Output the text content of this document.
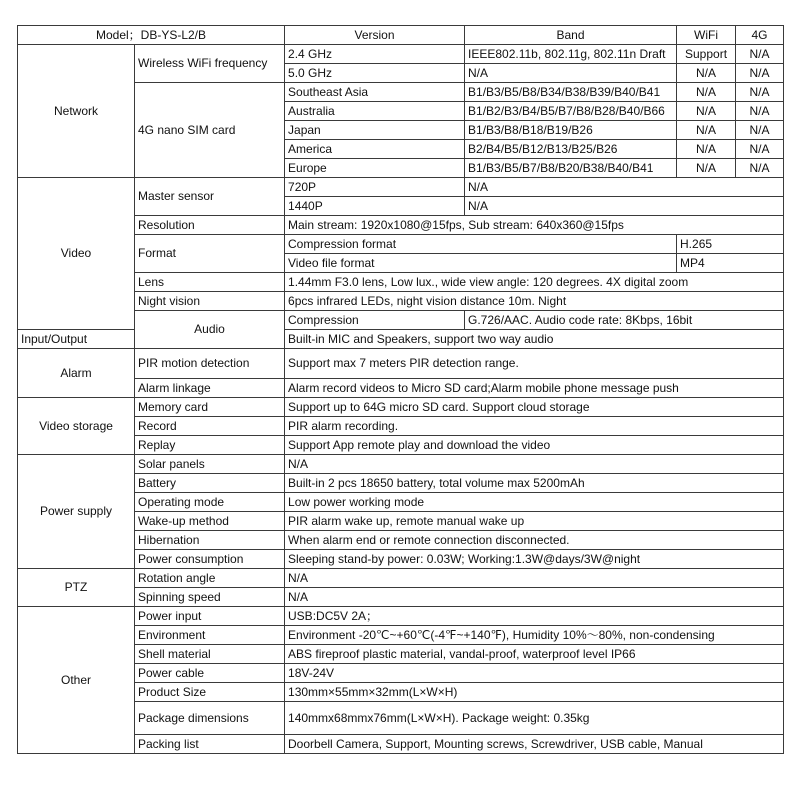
Model；DB-YS-L2/B		Version	Band	WiFi	4G
Network	Wireless WiFi frequency	2.4 GHz	IEEE802.11b, 802.11g, 802.11n Draft	Support	N/A
		5.0 GHz	N/A	N/A	N/A
	4G nano SIM card	Southeast Asia	B1/B3/B5/B8/B34/B38/B39/B40/B41	N/A	N/A
		Australia	B1/B2/B3/B4/B5/B7/B8/B28/B40/B66	N/A	N/A
		Japan	B1/B3/B8/B18/B19/B26	N/A	N/A
		America	B2/B4/B5/B12/B13/B25/B26	N/A	N/A
		Europe	B1/B3/B5/B7/B8/B20/B38/B40/B41	N/A	N/A
Video	Master sensor	720P	N/A		
		1440P	N/A		
	Resolution	Main stream: 1920x1080@15fps, Sub stream: 640x360@15fps			
	Format	Compression format		H.265	
		Video file format		MP4	
	Lens	1.44mm F3.0 lens, Low lux., wide view angle: 120 degrees. 4X digital zoom			
	Night vision	6pcs infrared LEDs, night vision distance 10m. Night			
	Audio	Compression	G.726/AAC. Audio code rate: 8Kbps, 16bit		
Input/Output		Built-in MIC and Speakers, support two way audio			
Alarm	PIR motion detection	Support max 7 meters PIR detection range.			
	Alarm linkage	Alarm record videos to Micro SD card;Alarm mobile phone message push			
Video storage	Memory card	Support up to 64G micro SD card. Support cloud storage			
	Record	PIR alarm recording.			
	Replay	Support App remote play and download the video			
Power supply	Solar panels	N/A			
	Battery	Built-in 2 pcs 18650 battery, total volume max 5200mAh			
	Operating mode	Low power working mode			
	Wake-up method	PIR alarm wake up, remote manual wake up			
	Hibernation	When alarm end or remote connection disconnected.			
	Power consumption	Sleeping stand-by power: 0.03W; Working:1.3W@days/3W@night			
PTZ	Rotation angle	N/A			
	Spinning speed	N/A			
Other	Power input	USB:DC5V 2A；			
	Environment	Environment -20℃~+60℃(-4℉~+140℉), Humidity 10%～80%, non-condensing			
	Shell material	ABS fireproof plastic material, vandal-proof, waterproof level IP66			
	Power cable	18V-24V			
	Product Size	130mm×55mm×32mm(L×W×H)			
	Package dimensions	140mmx68mmx76mm(L×W×H). Package weight: 0.35kg			
	Packing list	Doorbell Camera, Support, Mounting screws, Screwdriver, USB cable, Manual			
